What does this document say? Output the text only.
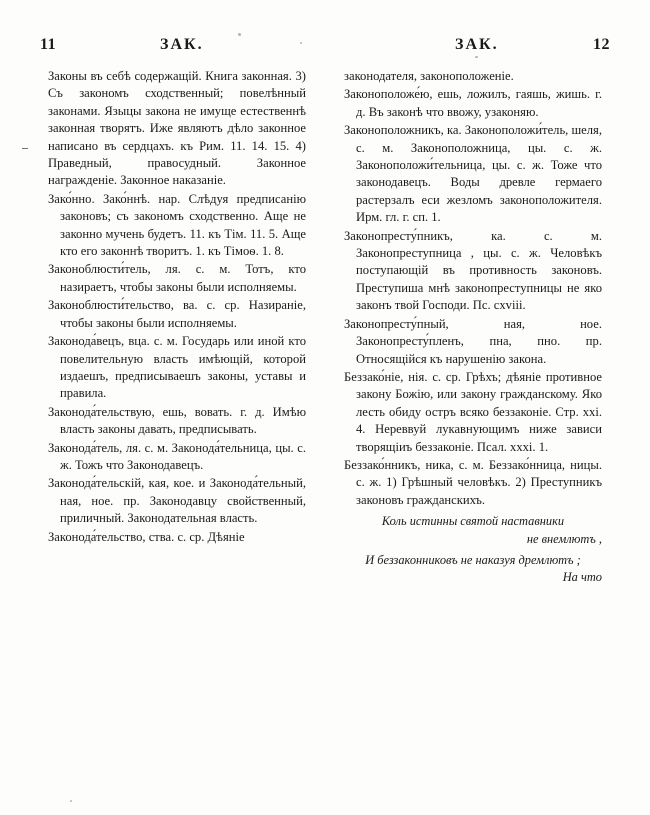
11	ЗАК.	ЗАК.	12

Законы въ себѣ содержащій. Книга законная. 3) Съ закономъ сходственный; повелѣнный законами. Языцы закона не имуще естественнѣ законная творятъ. Иже являютъ дѣло законное написано въ сердцахъ. къ Рим. 11. 14. 15. 4) Праведный, правосудный. Законное награжденіе. Законное наказаніе.

Зако́нно. Зако́ннѣ. нар. Слѣдуя предписанію законовъ; съ закономъ сходственно. Аще не законно мучень будетъ. 11. къ Тім. 11. 5. Аще кто его законнѣ творитъ. 1. къ Тімоѳ. 1. 8.

Законоблюсти́тель, ля. с. м. Тотъ, кто назираетъ, чтобы законы были исполняемы.

Законоблюсти́тельство, ва. с. ср. Назираніе, чтобы законы были исполняемы.

Законода́вецъ, вца. с. м. Государь или иной кто повелительную власть имѣющій, которой издаешъ, предписываешъ законы, уставы и правила.

Законода́тельствую, ешь, вовать. г. д. Имѣю власть законы давать, предписывать.

Законода́тель, ля. с. м. Законода́тельница, цы. с. ж. Тожъ что Законодавецъ.

Законода́тельскій, кая, кое. и Законода́тельный, ная, ное. пр. Законодавцу свойственный, приличный. Законодательная власть.

Законода́тельство, ства. с. ср. Дѣяніе

законодателя, законоположеніе.

Законоположе́ю, ешь, ложилъ, гаяшь, жишь. г. д. Въ законѣ что ввожу, узаконяю.

Законоположникъ, ка. Законоположи́тель, шеля, с. м. Законоположница, цы. с. ж. Законоположи́тельница, цы. с. ж. Тоже что законодавецъ. Воды древле гермаего растерзалъ еси жезломъ законоположителя. Ирм. гл. г. сп. 1.

Законопресту́пникъ, ка. с. м. Законопреступница , цы. с. ж. Человѣкъ поступающій въ противность законовъ. Преступиша мнѣ законопреступницы не яко законъ твой Господи. Пс. cxviii.

Законопресту́пный, ная, ное. Законопресту́пленъ, пна, пно. пр. Относящійся къ нарушенію закона.

Беззако́ніе, нія. с. ср. Грѣхъ; дѣяніе противное закону Божію, или закону гражданскому. Яко лесть обиду остръ всяко беззаконіе. Стр. xxi. 4. Нереввуй лукавнующимъ ниже зависи творящіиъ беззаконіе. Псал. xxxi. 1.

Беззако́нникъ, ника, с. м. Беззако́нница, ницы. с. ж. 1) Грѣшный человѣкъ. 2) Преступникъ законовъ гражданскихъ.

Коль истинны святой наставники

не внемлютъ ,

И беззаконниковъ не наказуя дремлютъ ;

На что
